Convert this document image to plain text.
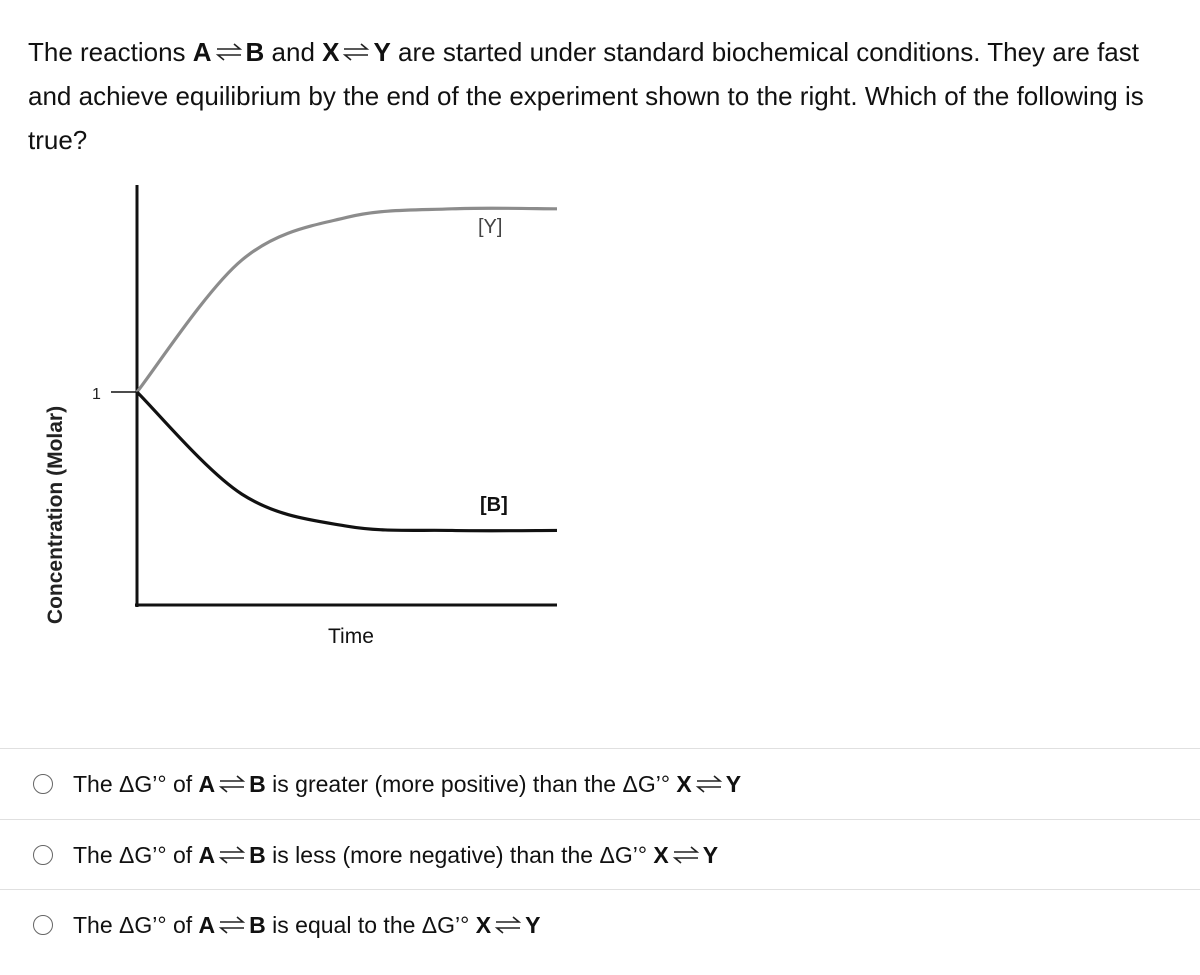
The reactions A ⇌ B and X ⇌ Y are started under standard biochemical conditions. They are fast and achieve equilibrium by the end of the experiment shown to the right. Which of the following is true?

1
[Y]
[B]
Time
Concentration (Molar)
The ΔG’° of A ⇌ B is greater (more positive) than the ΔG’° X ⇌ Y
The ΔG’° of A ⇌ B is less (more negative) than the ΔG’° X ⇌ Y
The ΔG’° of A ⇌ B is equal to the ΔG’° X ⇌ Y
